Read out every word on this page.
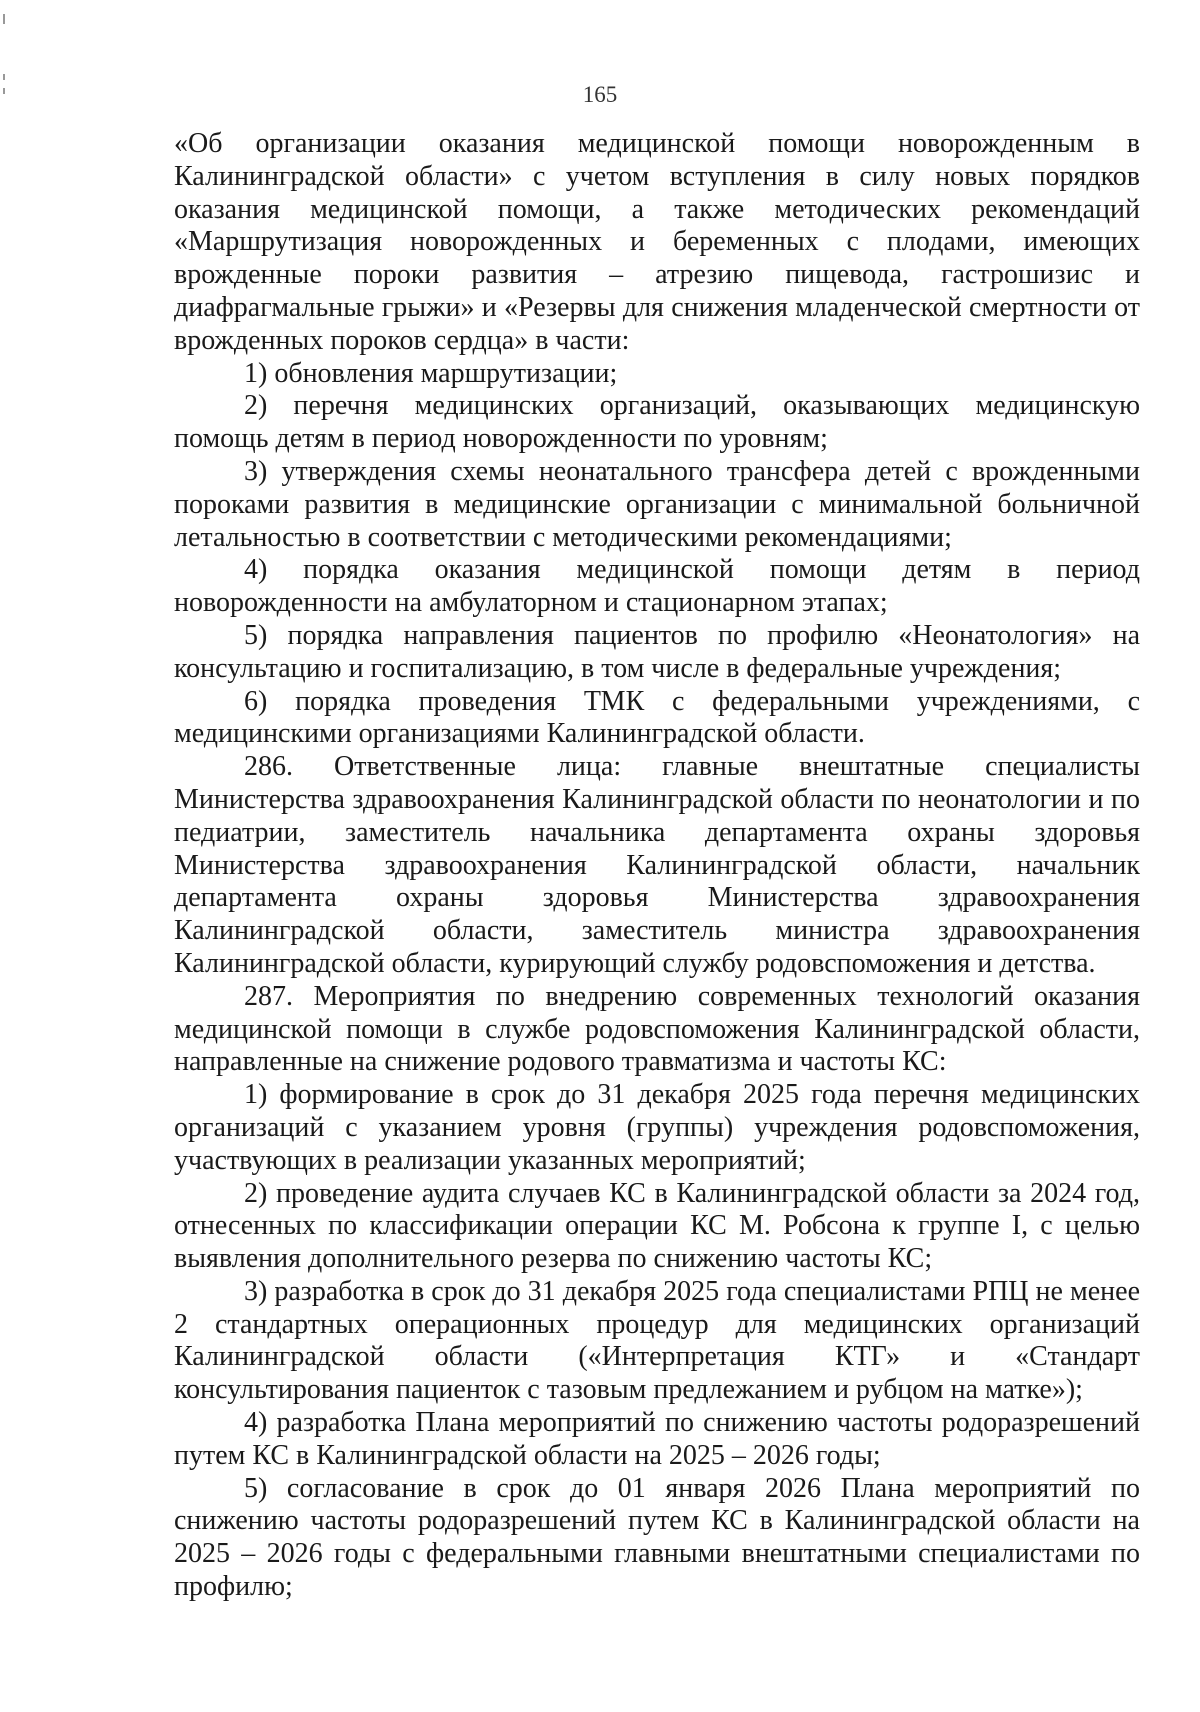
165

«Об организации оказания медицинской помощи новорожденным в Калининградской области» с учетом вступления в силу новых порядков оказания медицинской помощи, а также методических рекомендаций «Маршрутизация новорожденных и беременных с плодами, имеющих врожденные пороки развития – атрезию пищевода, гастрошизис и диафрагмальные грыжи» и «Резервы для снижения младенческой смертности от врожденных пороков сердца» в части:

1) обновления маршрутизации;

2) перечня медицинских организаций, оказывающих медицинскую помощь детям в период новорожденности по уровням;

3) утверждения схемы неонатального трансфера детей с врожденными пороками развития в медицинские организации с минимальной больничной летальностью в соответствии с методическими рекомендациями;

4) порядка оказания медицинской помощи детям в период новорожденности на амбулаторном и стационарном этапах;

5) порядка направления пациентов по профилю «Неонатология» на консультацию и госпитализацию, в том числе в федеральные учреждения;

6) порядка проведения ТМК с федеральными учреждениями, с медицинскими организациями Калининградской области.

286. Ответственные лица: главные внештатные специалисты Министерства здравоохранения Калининградской области по неонатологии и по педиатрии, заместитель начальника департамента охраны здоровья Министерства здравоохранения Калининградской области, начальник департамента охраны здоровья Министерства здравоохранения Калининградской области, заместитель министра здравоохранения Калининградской области, курирующий службу родовспоможения и детства.

287. Мероприятия по внедрению современных технологий оказания медицинской помощи в службе родовспоможения Калининградской области, направленные на снижение родового травматизма и частоты КС:

1) формирование в срок до 31 декабря 2025 года перечня медицинских организаций с указанием уровня (группы) учреждения родовспоможения, участвующих в реализации указанных мероприятий;

2) проведение аудита случаев КС в Калининградской области за 2024 год, отнесенных по классификации операции КС М. Робсона к группе I, с целью выявления дополнительного резерва по снижению частоты КС;

3) разработка в срок до 31 декабря 2025 года специалистами РПЦ не менее 2 стандартных операционных процедур для медицинских организаций Калининградской области («Интерпретация КТГ» и «Стандарт консультирования пациенток с тазовым предлежанием и рубцом на матке»);

4) разработка Плана мероприятий по снижению частоты родоразрешений путем КС в Калининградской области на 2025 – 2026 годы;

5) согласование в срок до 01 января 2026 Плана мероприятий по снижению частоты родоразрешений путем КС в Калининградской области на 2025 – 2026 годы с федеральными главными внештатными специалистами по профилю;
